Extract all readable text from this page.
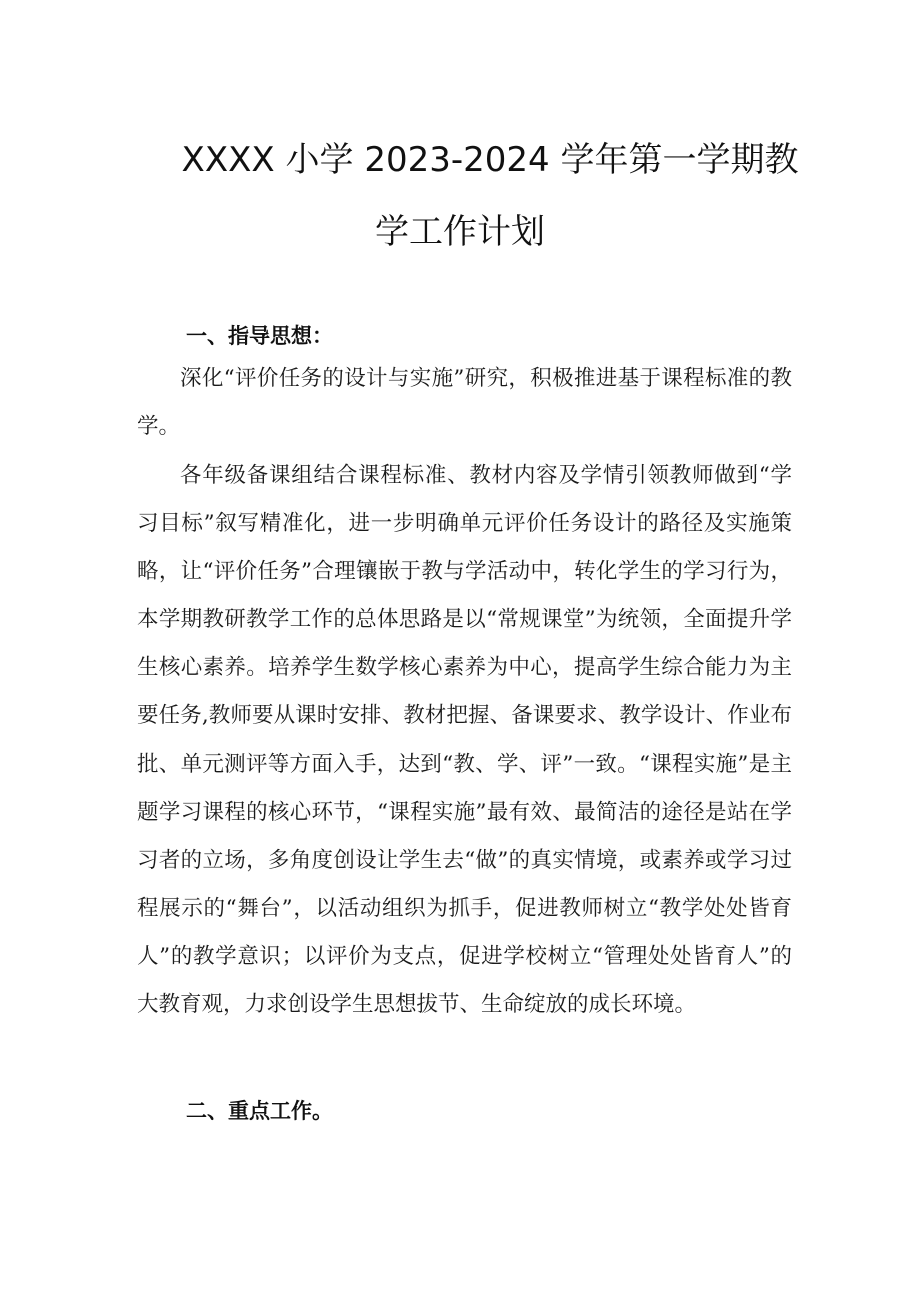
XXXX 小学 2023-2024 学年第一学期教
学工作计划
一、指导思想：

深化“评价任务的设计与实施”研究，积极推进基于课程标准的教学。

各年级备课组结合课程标准、教材内容及学情引领教师做到“学习目标”叙写精准化，进一步明确单元评价任务设计的路径及实施策略，让“评价任务”合理镶嵌于教与学活动中，转化学生的学习行为，本学期教研教学工作的总体思路是以“常规课堂”为统领，全面提升学生核心素养。培养学生数学核心素养为中心，提高学生综合能力为主要任务,教师要从课时安排、教材把握、备课要求、教学设计、作业布批、单元测评等方面入手，达到“教、学、评”一致。“课程实施”是主题学习课程的核心环节，“课程实施”最有效、最简洁的途径是站在学习者的立场，多角度创设让学生去“做”的真实情境，或素养或学习过程展示的“舞台”，以活动组织为抓手，促进教师树立“教学处处皆育人”的教学意识；以评价为支点，促进学校树立“管理处处皆育人”的大教育观，力求创设学生思想拔节、生命绽放的成长环境。

二、重点工作。
